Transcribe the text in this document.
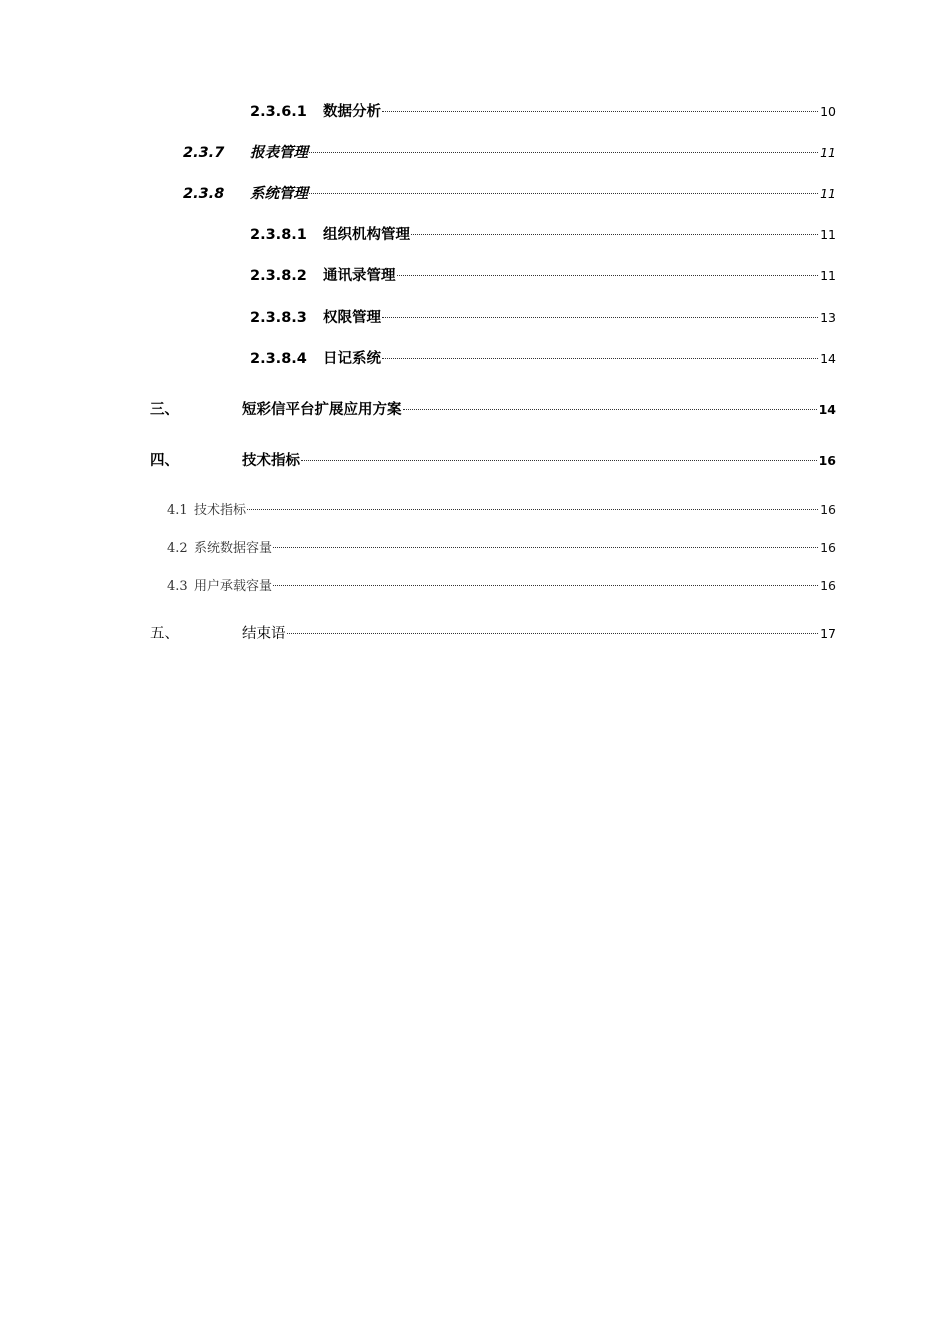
2.3.6.1	数据分析	10
2.3.7	报表管理	11
2.3.8	系统管理	11
2.3.8.1	组织机构管理	11
2.3.8.2	通讯录管理	11
2.3.8.3	权限管理	13
2.3.8.4	日记系统	14
三、	短彩信平台扩展应用方案	14
四、	技术指标	16
4.1 技术指标	16
4.2 系统数据容量	16
4.3 用户承载容量	16
五、	结束语	17
